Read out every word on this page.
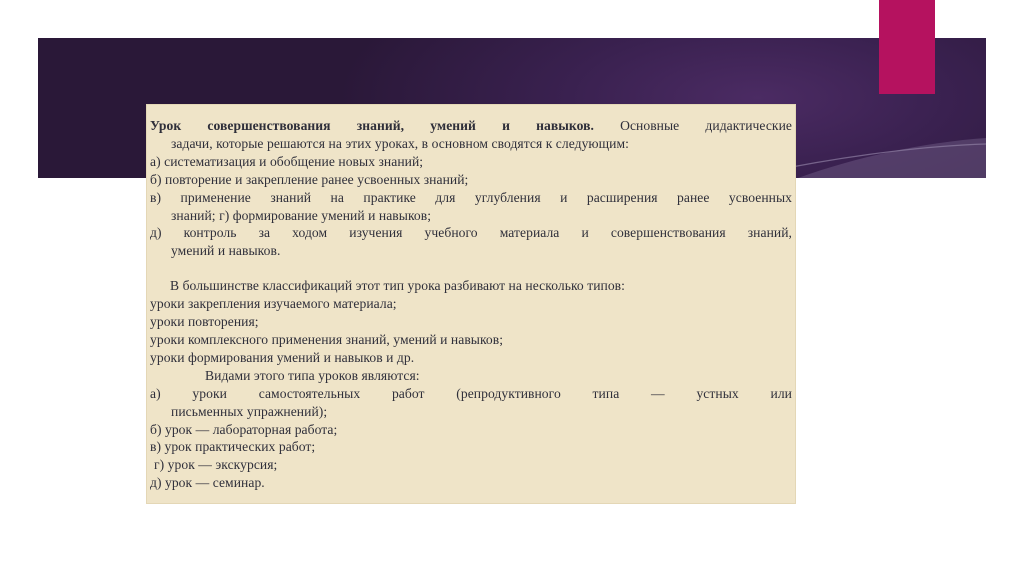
Урок совершенствования знаний, умений и навыков. Основные дидактические
задачи, которые решаются на этих уроках, в основном сводятся к следующим:
а) систематизация и обобщение новых знаний;
б) повторение и закрепление ранее усвоенных знаний;
в) применение знаний на практике для углубления и расширения ранее усвоенных
знаний; г) формирование умений и навыков;
д) контроль за ходом изучения учебного материала и совершенствования знаний,
умений и навыков.
В большинстве классификаций этот тип урока разбивают на несколько типов:
уроки закрепления изучаемого материала;
уроки повторения;
уроки комплексного применения знаний, умений и навыков;
уроки формирования умений и навыков и др.
Видами этого типа уроков являются:
а) уроки самостоятельных работ (репродуктивного типа — устных или
письменных упражнений);
б) урок — лабораторная работа;
в) урок практических работ;
г) урок — экскурсия;
д) урок — семинар.
